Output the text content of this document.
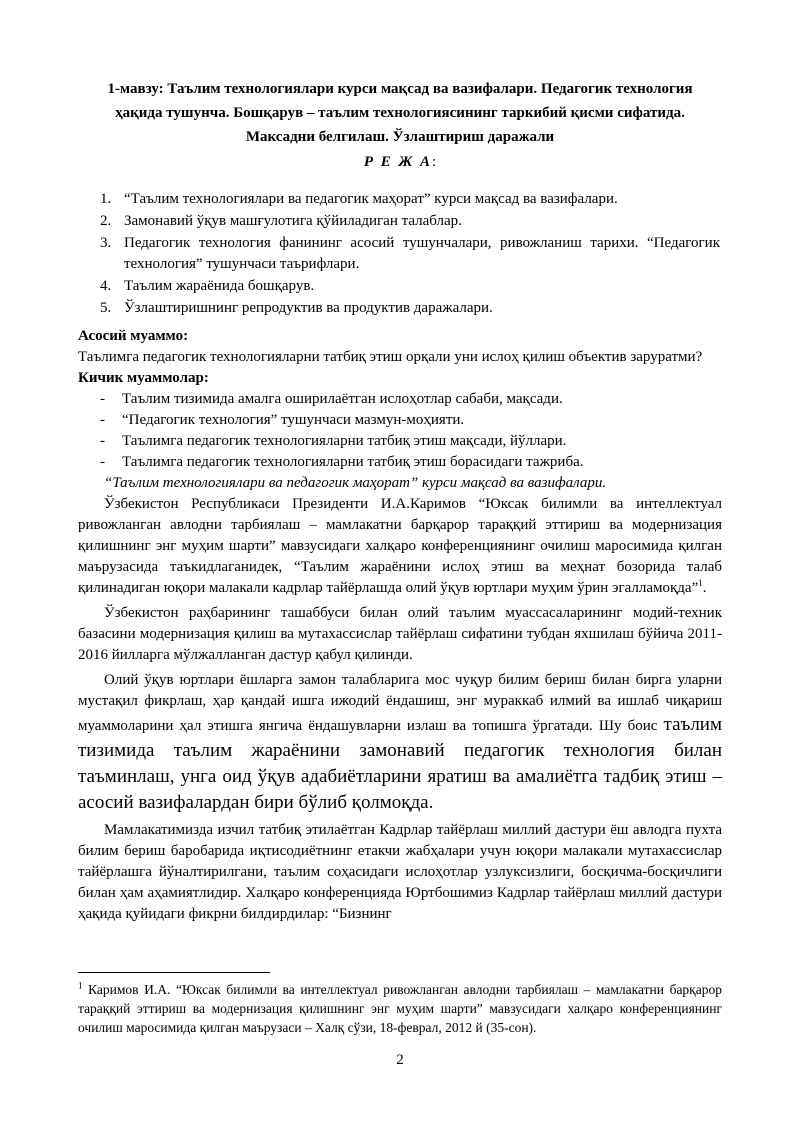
1-мавзу: Таълим технологиялари курси мақсад ва вазифалари. Педагогик технология
ҳақида тушунча. Бошқарув – таълим технологиясининг таркибий қисми сифатида.
Максадни белгилаш. Ўзлаштириш даражали
Р Е Ж А:
1. “Таълим технологиялари ва педагогик маҳорат” курси мақсад ва вазифалари.
2. Замонавий ўқув машғулотига қўйиладиган талаблар.
3. Педагогик технология фанининг асосий тушунчалари, ривожланиш тарихи. “Педагогик технология” тушунчаси таърифлари.
4. Таълим жараёнида бошқарув.
5. Ўзлаштиришнинг репродуктив ва продуктив даражалари.
Асосий муаммо:
Таълимга педагогик технологияларни татбиқ этиш орқали уни ислоҳ қилиш объектив заруратми?
Кичик муаммолар:
- Таълим тизимида амалга оширилаётган ислоҳотлар сабаби, мақсади.
- “Педагогик технология” тушунчаси мазмун-моҳияти.
- Таълимга педагогик технологияларни татбиқ этиш мақсади, йўллари.
- Таълимга педагогик технологияларни татбиқ этиш борасидаги тажриба.
“Таълим технологиялари ва педагогик маҳорат” курси мақсад ва вазифалари.

Ўзбекистон Республикаси Президенти И.А.Каримов “Юксак билимли ва интеллектуал ривожланган авлодни тарбиялаш – мамлакатни барқарор тараққий эттириш ва модернизация қилишнинг энг муҳим шарти” мавзусидаги халқаро конференциянинг очилиш маросимида қилган маърузасида таъкидлаганидек, “Таълим жараёнини ислоҳ этиш ва меҳнат бозорида талаб қилинадиган юқори малакали кадрлар тайёрлашда олий ўқув юртлари муҳим ўрин эгалламоқда”$^1$.

Ўзбекистон раҳбарининг ташаббуси билан олий таълим муассасаларининг модий-техник базасини модернизация қилиш ва мутахассислар тайёрлаш сифатини тубдан яхшилаш бўйича 2011-2016 йилларга мўлжалланган дастур қабул қилинди.

Олий ўқув юртлари ёшларга замон талабларига мос чуқур билим бериш билан бирга уларни мустақил фикрлаш, ҳар қандай ишга ижодий ёндашиш, энг мураккаб илмий ва ишлаб чиқариш муаммоларини ҳал этишга янгича ёндашувларни излаш ва топишга ўргатади. Шу боис таълим тизимида таълим жараёнини замонавий педагогик технология билан таъминлаш, унга оид ўқув адабиётларини яратиш ва амалиётга тадбиқ этиш – асосий вазифалардан бири бўлиб қолмоқда.

Мамлакатимизда изчил татбиқ этилаётган Кадрлар тайёрлаш миллий дастури ёш авлодга пухта билим бериш баробарида иқтисодиётнинг етакчи жабҳалари учун юқори малакали мутахассислар тайёрлашга йўналтирилгани, таълим соҳасидаги ислоҳотлар узлуксизлиги, босқичма-босқичлиги билан ҳам аҳамиятлидир. Халқаро конференцияда Юртбошимиз Кадрлар тайёрлаш миллий дастури ҳақида қуйидаги фикрни билдирдилар: “Бизнинг

$^1$ Каримов И.А. “Юксак билимли ва интеллектуал ривожланган авлодни тарбиялаш – мамлакатни барқарор тараққий эттириш ва модернизация қилишнинг энг муҳим шарти” мавзусидаги халқаро конференциянинг очилиш маросимида қилган маърузаси – Халқ сўзи, 18-феврал, 2012 й (35-сон).
2
